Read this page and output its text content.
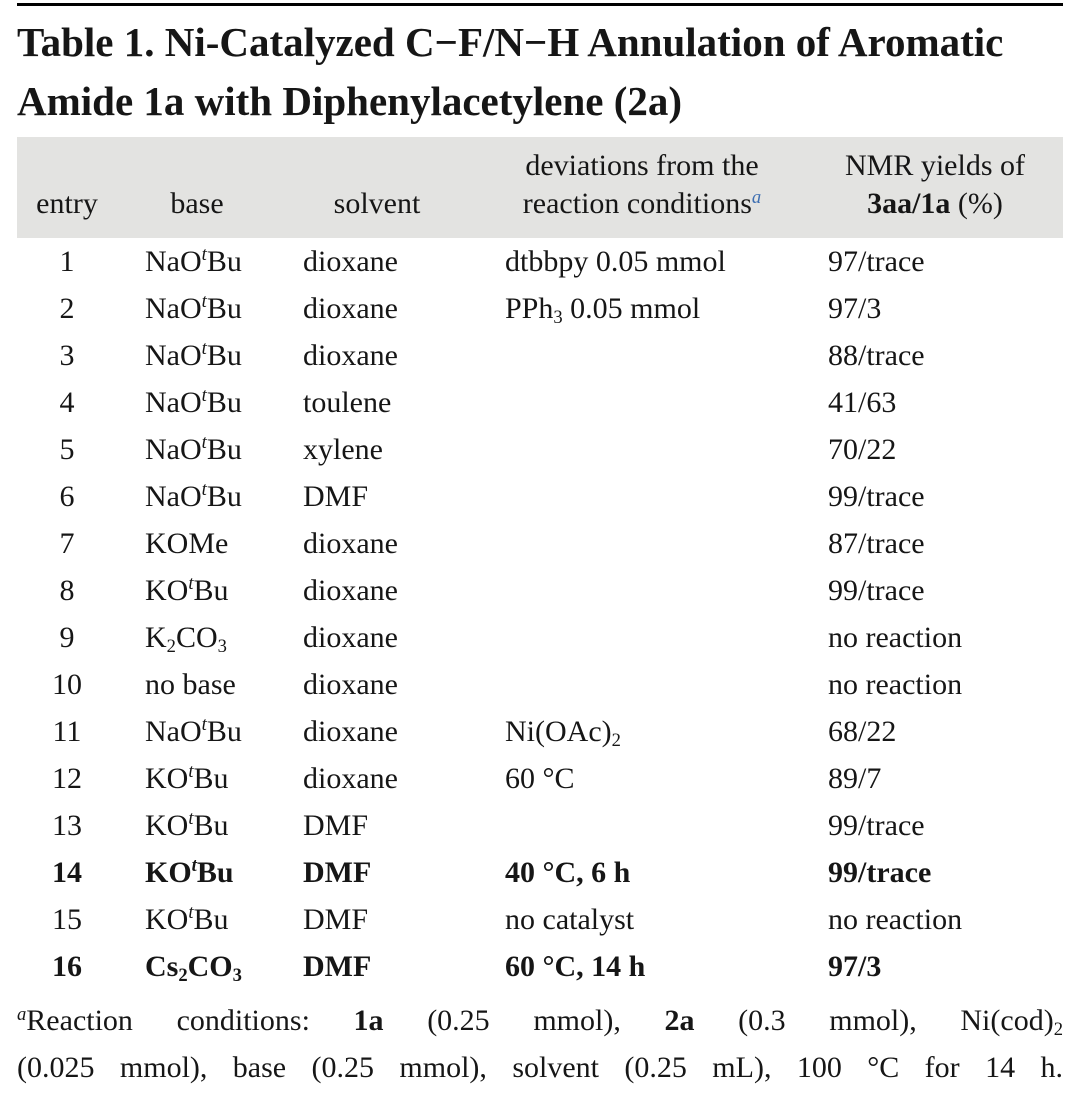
Table 1. Ni-Catalyzed C−F/N−H Annulation of Aromatic
Amide 1a with Diphenylacetylene (2a)
entry	base	solvent	deviations from the reaction conditions$^a$	NMR yields of 3aa/1a (%)
1	NaO$^t$Bu	dioxane	dtbbpy 0.05 mmol	97/trace
2	NaO$^t$Bu	dioxane	PPh$_3$ 0.05 mmol	97/3
3	NaO$^t$Bu	dioxane		88/trace
4	NaO$^t$Bu	toulene		41/63
5	NaO$^t$Bu	xylene		70/22
6	NaO$^t$Bu	DMF		99/trace
7	KOMe	dioxane		87/trace
8	$KO^tBu$	dioxane		99/trace
9	$K_2CO_3$	dioxane		no reaction
10	no base	dioxane		no reaction
11	NaO$^t$Bu	dioxane	$Ni(OAc)_2$	68/22
12	$KO^tBu$	dioxane	60 °C	89/7
13	$KO^tBu$	DMF		99/trace
14	$KO^tBu$	DMF	40 °C, 6 h	99/trace
15	$KO^tBu$	DMF	no catalyst	no reaction
16	$Cs_2CO_3$	DMF	60 °C, 14 h	97/3
$^a$Reaction conditions: 1a (0.25 mmol), 2a (0.3 mmol), $Ni(cod)_2$
(0.025 mmol), base (0.25 mmol), solvent (0.25 mL), 100 °C for 14 h.
